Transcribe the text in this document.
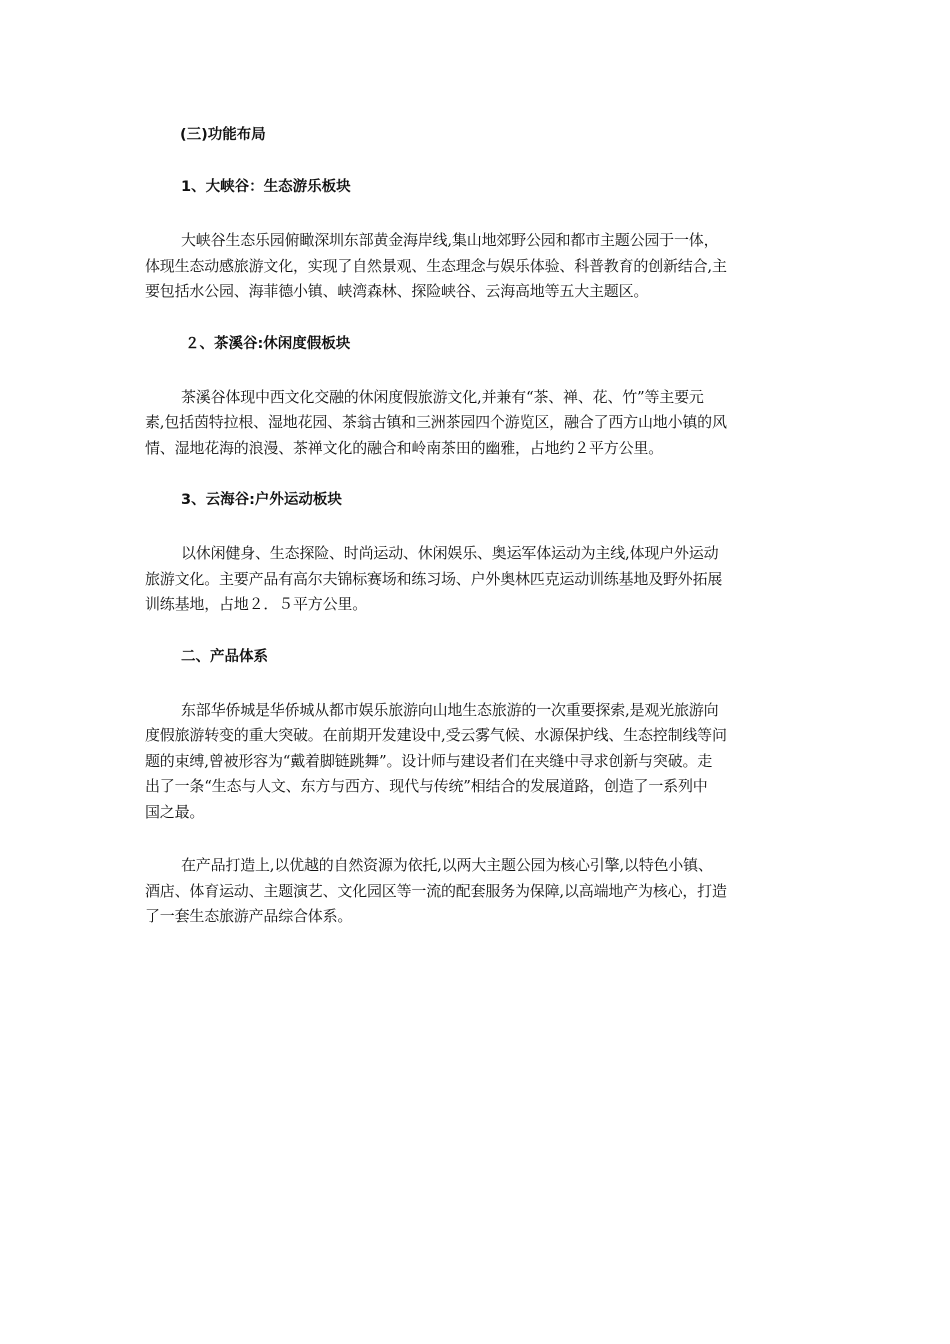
(三)功能布局
1、大峡谷：生态游乐板块
大峡谷生态乐园俯瞰深圳东部黄金海岸线,集山地郊野公园和都市主题公园于一体，
体现生态动感旅游文化，实现了自然景观、生态理念与娱乐体验、科普教育的创新结合,主
要包括水公园、海菲德小镇、峡湾森林、探险峡谷、云海高地等五大主题区。
２、茶溪谷:休闲度假板块
茶溪谷体现中西文化交融的休闲度假旅游文化,并兼有“茶、禅、花、竹”等主要元
素,包括茵特拉根、湿地花园、茶翁古镇和三洲茶园四个游览区，融合了西方山地小镇的风
情、湿地花海的浪漫、茶禅文化的融合和岭南茶田的幽雅，占地约２平方公里。
3、云海谷:户外运动板块
以休闲健身、生态探险、时尚运动、休闲娱乐、奥运军体运动为主线,体现户外运动
旅游文化。主要产品有高尔夫锦标赛场和练习场、户外奥林匹克运动训练基地及野外拓展
训练基地，占地２．５平方公里。
二、产品体系
东部华侨城是华侨城从都市娱乐旅游向山地生态旅游的一次重要探索,是观光旅游向
度假旅游转变的重大突破。在前期开发建设中,受云雾气候、水源保护线、生态控制线等问
题的束缚,曾被形容为“戴着脚链跳舞”。设计师与建设者们在夹缝中寻求创新与突破。走
出了一条“生态与人文、东方与西方、现代与传统”相结合的发展道路，创造了一系列中
国之最。
在产品打造上,以优越的自然资源为依托,以两大主题公园为核心引擎,以特色小镇、
酒店、体育运动、主题演艺、文化园区等一流的配套服务为保障,以高端地产为核心，打造
了一套生态旅游产品综合体系。
